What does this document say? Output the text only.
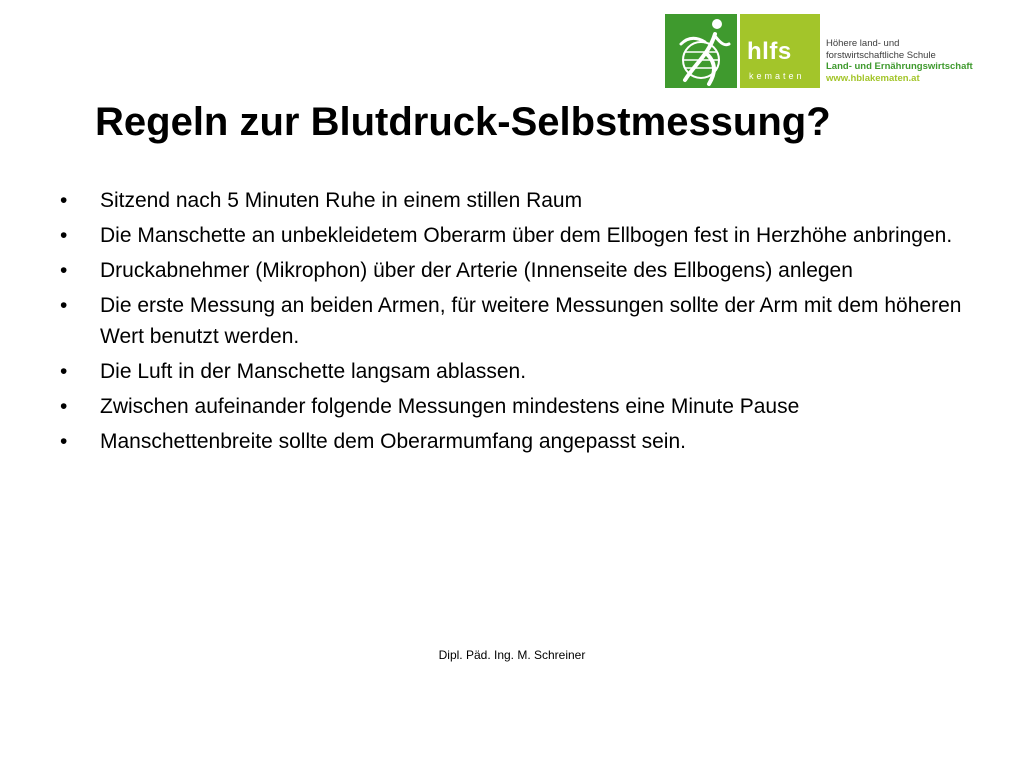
hlfs
kematen
Höhere land- und
forstwirtschaftliche Schule
Land- und Ernährungswirtschaft
www.hblakematen.at
Regeln zur Blutdruck-Selbstmessung?
• Sitzend nach 5 Minuten Ruhe in einem stillen Raum
• Die Manschette an unbekleidetem Oberarm über dem Ellbogen fest in Herzhöhe anbringen.
• Druckabnehmer (Mikrophon) über der Arterie (Innenseite des Ellbogens) anlegen
• Die erste Messung an beiden Armen, für weitere Messungen sollte der Arm mit dem höheren Wert benutzt werden.
• Die Luft in der Manschette langsam ablassen.
• Zwischen aufeinander folgende Messungen mindestens eine Minute Pause
• Manschettenbreite sollte dem Oberarmumfang angepasst sein.
Dipl. Päd. Ing. M. Schreiner
